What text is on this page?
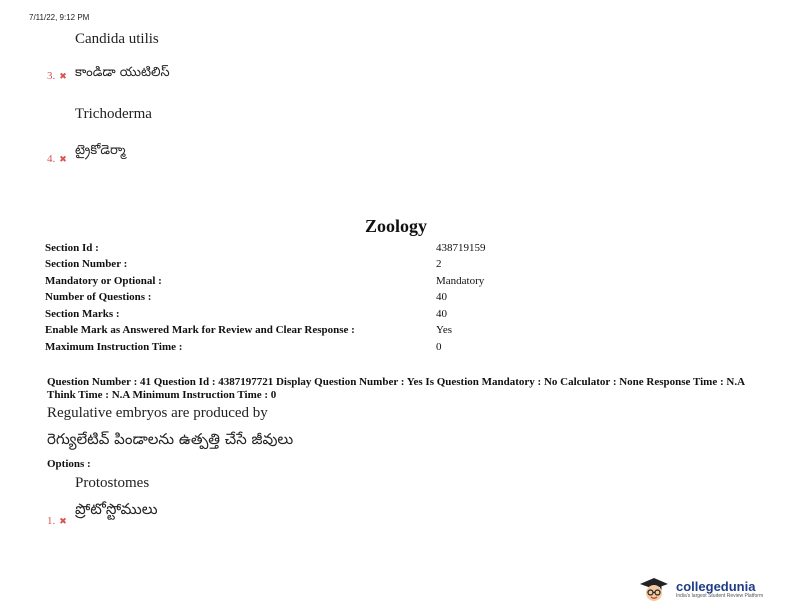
7/11/22, 9:12 PM
Candida utilis
3. ✖ కాండిడా యుటిలిస్
Trichoderma
4. ✖
ట్రైకోడెర్మా
Zoology
Section Id :	438719159
Section Number :	2
Mandatory or Optional :	Mandatory
Number of Questions :	40
Section Marks :	40
Enable Mark as Answered Mark for Review and Clear Response :	Yes
Maximum Instruction Time :	0
Question Number : 41 Question Id : 4387197721 Display Question Number : Yes Is Question Mandatory : No Calculator : None Response Time : N.A Think Time : N.A Minimum Instruction Time : 0
Regulative embryos are produced by
రెగ్యులేటివ్ పిండాలను ఉత్పత్తి చేసే జీవులు
Options :
Protostomes
1. ✖
ప్రోటోస్టోములు
collegedunia
India's largest Student Review Platform
